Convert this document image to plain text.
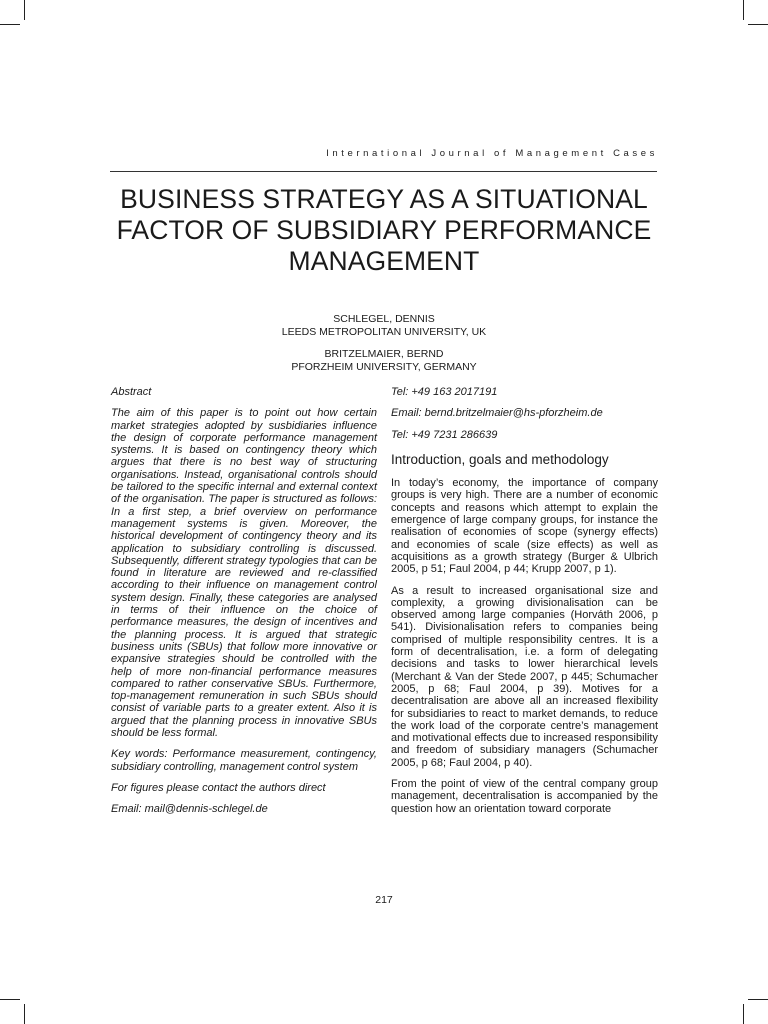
International Journal of Management Cases
BUSINESS STRATEGY AS A SITUATIONAL FACTOR OF SUBSIDIARY PERFORMANCE MANAGEMENT
SCHLEGEL, DENNIS
LEEDS METROPOLITAN UNIVERSITY, UK
BRITZELMAIER, BERND
PFORZHEIM UNIVERSITY, GERMANY

Abstract

The aim of this paper is to point out how certain market strategies adopted by susbidiaries influence the design of corporate performance management systems. It is based on contingency theory which argues that there is no best way of structuring organisations. Instead, organisational controls should be tailored to the specific internal and external context of the organisation. The paper is structured as follows: In a first step, a brief overview on performance management systems is given. Moreover, the historical development of contingency theory and its application to subsidiary controlling is discussed. Subsequently, different strategy typologies that can be found in literature are reviewed and re-classified according to their influence on management control system design. Finally, these categories are analysed in terms of their influence on the choice of performance measures, the design of incentives and the planning process. It is argued that strategic business units (SBUs) that follow more innovative or expansive strategies should be controlled with the help of more non-financial performance measures compared to rather conservative SBUs. Furthermore, top-management remuneration in such SBUs should consist of variable parts to a greater extent. Also it is argued that the planning process in innovative SBUs should be less formal.

Key words: Performance measurement, contingency, subsidiary controlling, management control system

For figures please contact the authors direct

Email: mail@dennis-schlegel.de

Tel: +49 163 2017191

Email: bernd.britzelmaier@hs-pforzheim.de

Tel: +49 7231 286639

Introduction, goals and methodology

In today’s economy, the importance of company groups is very high. There are a number of economic concepts and reasons which attempt to explain the emergence of large company groups, for instance the realisation of economies of scope (synergy effects) and economies of scale (size effects) as well as acquisitions as a growth strategy (Burger & Ulbrich 2005, p 51; Faul 2004, p 44; Krupp 2007, p 1).

As a result to increased organisational size and complexity, a growing divisionalisation can be observed among large companies (Horváth 2006, p 541). Divisionalisation refers to companies being comprised of multiple responsibility centres. It is a form of decentralisation, i.e. a form of delegating decisions and tasks to lower hierarchical levels (Merchant & Van der Stede 2007, p 445; Schumacher 2005, p 68; Faul 2004, p 39). Motives for a decentralisation are above all an increased flexibility for subsidiaries to react to market demands, to reduce the work load of the corporate centre’s management and motivational effects due to increased responsibility and freedom of subsidiary managers (Schumacher 2005, p 68; Faul 2004, p 40).

From the point of view of the central company group management, decentralisation is accompanied by the question how an orientation toward corporate

217
